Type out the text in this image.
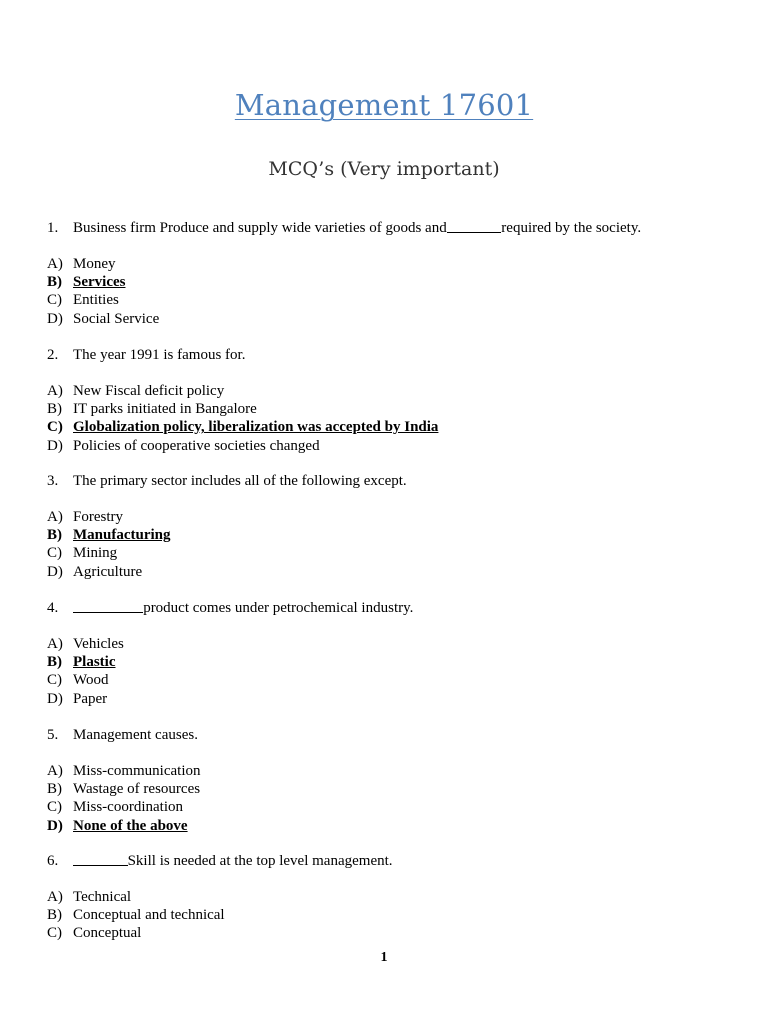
Management 17601
MCQ’s (Very important)
1. Business firm Produce and supply wide varieties of goods and	required by the society.
A) Money
B) Services
C) Entities
D) Social Service
2. The year 1991 is famous for.
A) New Fiscal deficit policy
B) IT parks initiated in Bangalore
C) Globalization policy, liberalization was accepted by India
D) Policies of cooperative societies changed
3. The primary sector includes all of the following except.
A) Forestry
B) Manufacturing
C) Mining
D) Agriculture
4.	product comes under petrochemical industry.
A) Vehicles
B) Plastic
C) Wood
D) Paper
5. Management causes.
A) Miss-communication
B) Wastage of resources
C) Miss-coordination
D) None of the above
6.	Skill is needed at the top level management.
A) Technical
B) Conceptual and technical
C) Conceptual
1
